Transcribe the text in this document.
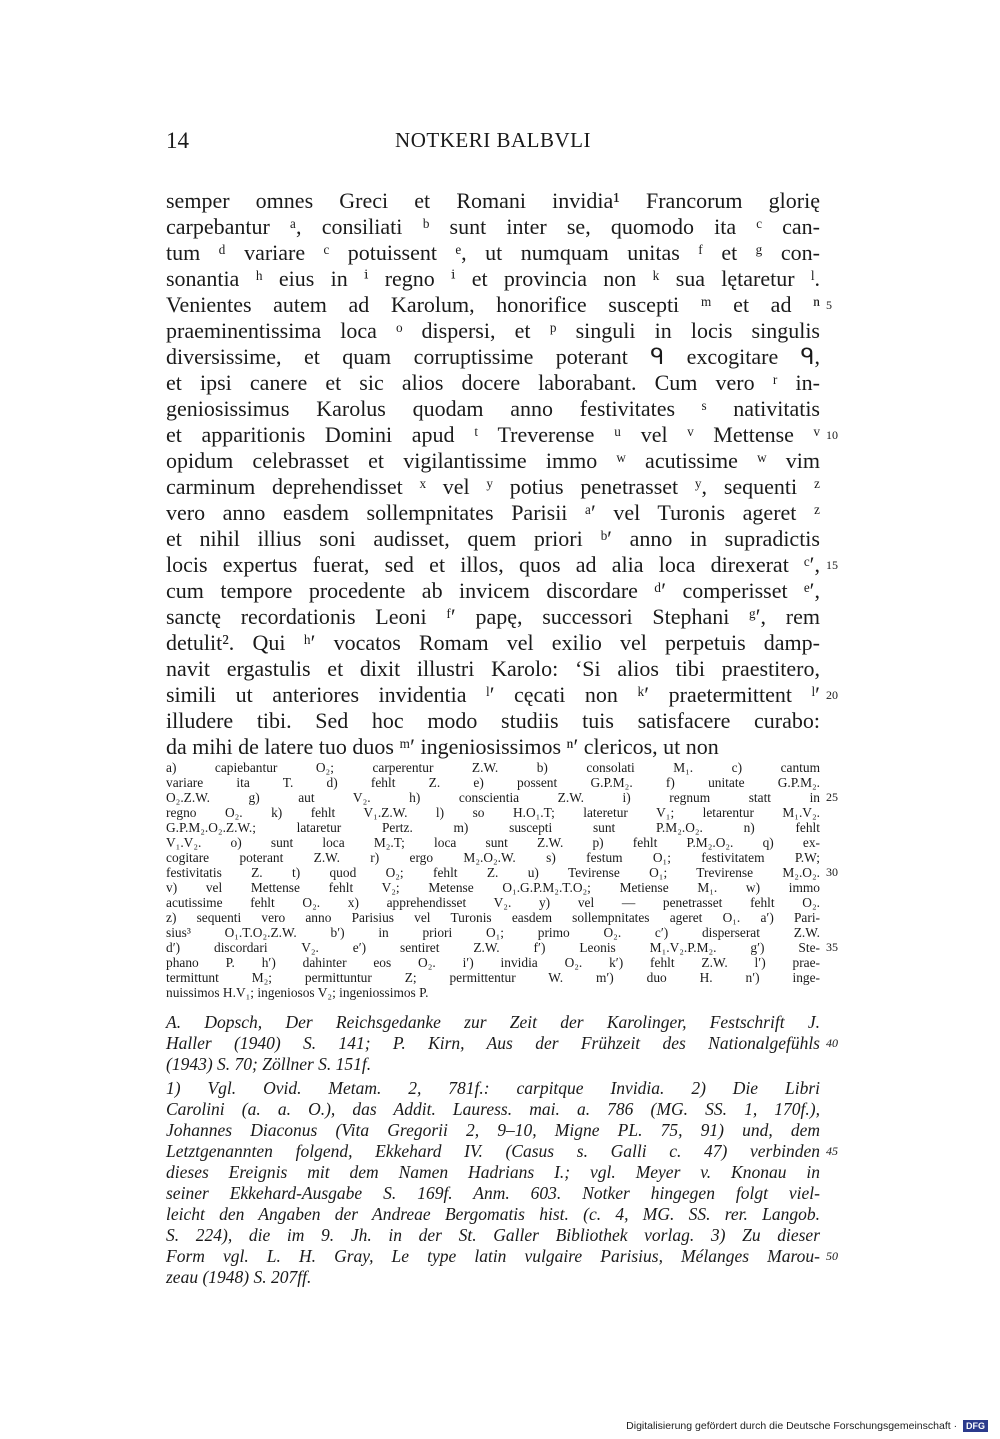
14	NOTKERI BALBVLI
semper omnes Greci et Romani invidia¹ Francorum glorię
carpebantur ᵃ, consiliati ᵇ sunt inter se, quomodo ita ᶜ can-
tum ᵈ variare ᶜ potuissent ᵉ, ut numquam unitas ᶠ et ᵍ con-
sonantia ʰ eius in ⁱ regno ⁱ et provincia non ᵏ sua lętaretur ˡ.
Venientes autem ad Karolum, honorifice suscepti ᵐ et ad ⁿ 5
praeminentissima loca ᵒ dispersi, et ᵖ singuli in locis singulis
diversissime, et quam corruptissime poterant ᑫ excogitare ᑫ,
et ipsi canere et sic alios docere laborabant. Cum vero ʳ in-
geniosissimus Karolus quodam anno festivitates ˢ nativitatis
et apparitionis Domini apud ᵗ Treverense ᵘ vel ᵛ Mettense ᵛ 10
opidum celebrasset et vigilantissime immo ʷ acutissime ʷ vim
carminum deprehendisset ˣ vel ʸ potius penetrasset ʸ, sequenti ᶻ
vero anno easdem sollempnitates Parisii ᵃ′ vel Turonis ageret ᶻ
et nihil illius soni audisset, quem priori ᵇ′ anno in supradictis
locis expertus fuerat, sed et illos, quos ad alia loca direxerat ᶜ′, 15
cum tempore procedente ab invicem discordare ᵈ′ comperisset ᵉ′,
sanctę recordationis Leoni ᶠ′ papę, successori Stephani ᵍ′, rem
detulit². Qui ʰ′ vocatos Romam vel exilio vel perpetuis damp-
navit ergastulis et dixit illustri Karolo: ‘Si alios tibi praestitero,
simili ut anteriores invidentia ˡ′ cęcati non ᵏ′ praetermittent ˡ′ 20
illudere tibi. Sed hoc modo studiis tuis satisfacere curabo:
da mihi de latere tuo duos ᵐ′ ingeniosissimos ⁿ′ clericos, ut non
a) capiebantur O₂; carperentur Z.W. b) consolati M₁. c) cantum
variare ita T. d) fehlt Z. e) possent G.P.M₂. f) unitate G.P.M₂.
O₂.Z.W. g) aut V₂. h) conscientia Z.W. i) regnum statt in 25
regno O₂. k) fehlt V₁.Z.W. l) so H.O₁.T; lateretur V₁; letarentur M₁.V₂.
G.P.M₂.O₂.Z.W.; lataretur Pertz. m) suscepti sunt P.M₂.O₂. n) fehlt
V₁.V₂. o) sunt loca M₂.T; loca sunt Z.W. p) fehlt P.M₂.O₂. q) ex-
cogitare poterant Z.W. r) ergo M₂.O₂.W. s) festum O₁; festivitatem P.W;
festivitatis Z. t) quod O₂; fehlt Z. u) Tevirense O₁; Trevirense M₂.O₂. 30
v) vel Mettense fehlt V₂; Metense O₁.G.P.M₂.T.O₂; Metiense M₁. w) immo
acutissime fehlt O₂. x) apprehendisset V₂. y) vel — penetrasset fehlt O₂.
z) sequenti vero anno Parisius vel Turonis easdem sollempnitates ageret O₁. a′) Pari-
sius³ O₁.T.O₂.Z.W. b′) in priori O₁; primo O₂. c′) disperserat Z.W.
d′) discordari V₂. e′) sentiret Z.W. f′) Leonis M₁.V₂.P.M₂. g′) Ste- 35
phano P. h′) dahinter eos O₂. i′) invidia O₂. k′) fehlt Z.W. l′) prae-
termittunt M₂; permittuntur Z; permittentur W. m′) duo H. n′) inge-
nuissimos H.V₁; ingeniosos V₂; ingeniossimos P.
A. Dopsch, Der Reichsgedanke zur Zeit der Karolinger, Festschrift J.
Haller (1940) S. 141; P. Kirn, Aus der Frühzeit des Nationalgefühls 40
(1943) S. 70; Zöllner S. 151f.
1) Vgl. Ovid. Metam. 2, 781f.: carpitque Invidia. 2) Die Libri
Carolini (a. a. O.), das Addit. Lauress. mai. a. 786 (MG. SS. 1, 170f.),
Johannes Diaconus (Vita Gregorii 2, 9–10, Migne PL. 75, 91) und, dem
Letztgenannten folgend, Ekkehard IV. (Casus s. Galli c. 47) verbinden 45
dieses Ereignis mit dem Namen Hadrians I.; vgl. Meyer v. Knonau in
seiner Ekkehard-Ausgabe S. 169f. Anm. 603. Notker hingegen folgt viel-
leicht den Angaben der Andreae Bergomatis hist. (c. 4, MG. SS. rer. Langob.
S. 224), die im 9. Jh. in der St. Galler Bibliothek vorlag. 3) Zu dieser
Form vgl. L. H. Gray, Le type latin vulgaire Parisius, Mélanges Marou- 50
zeau (1948) S. 207ff.
Digitalisierung gefördert durch die Deutsche Forschungsgemeinschaft · DFG
